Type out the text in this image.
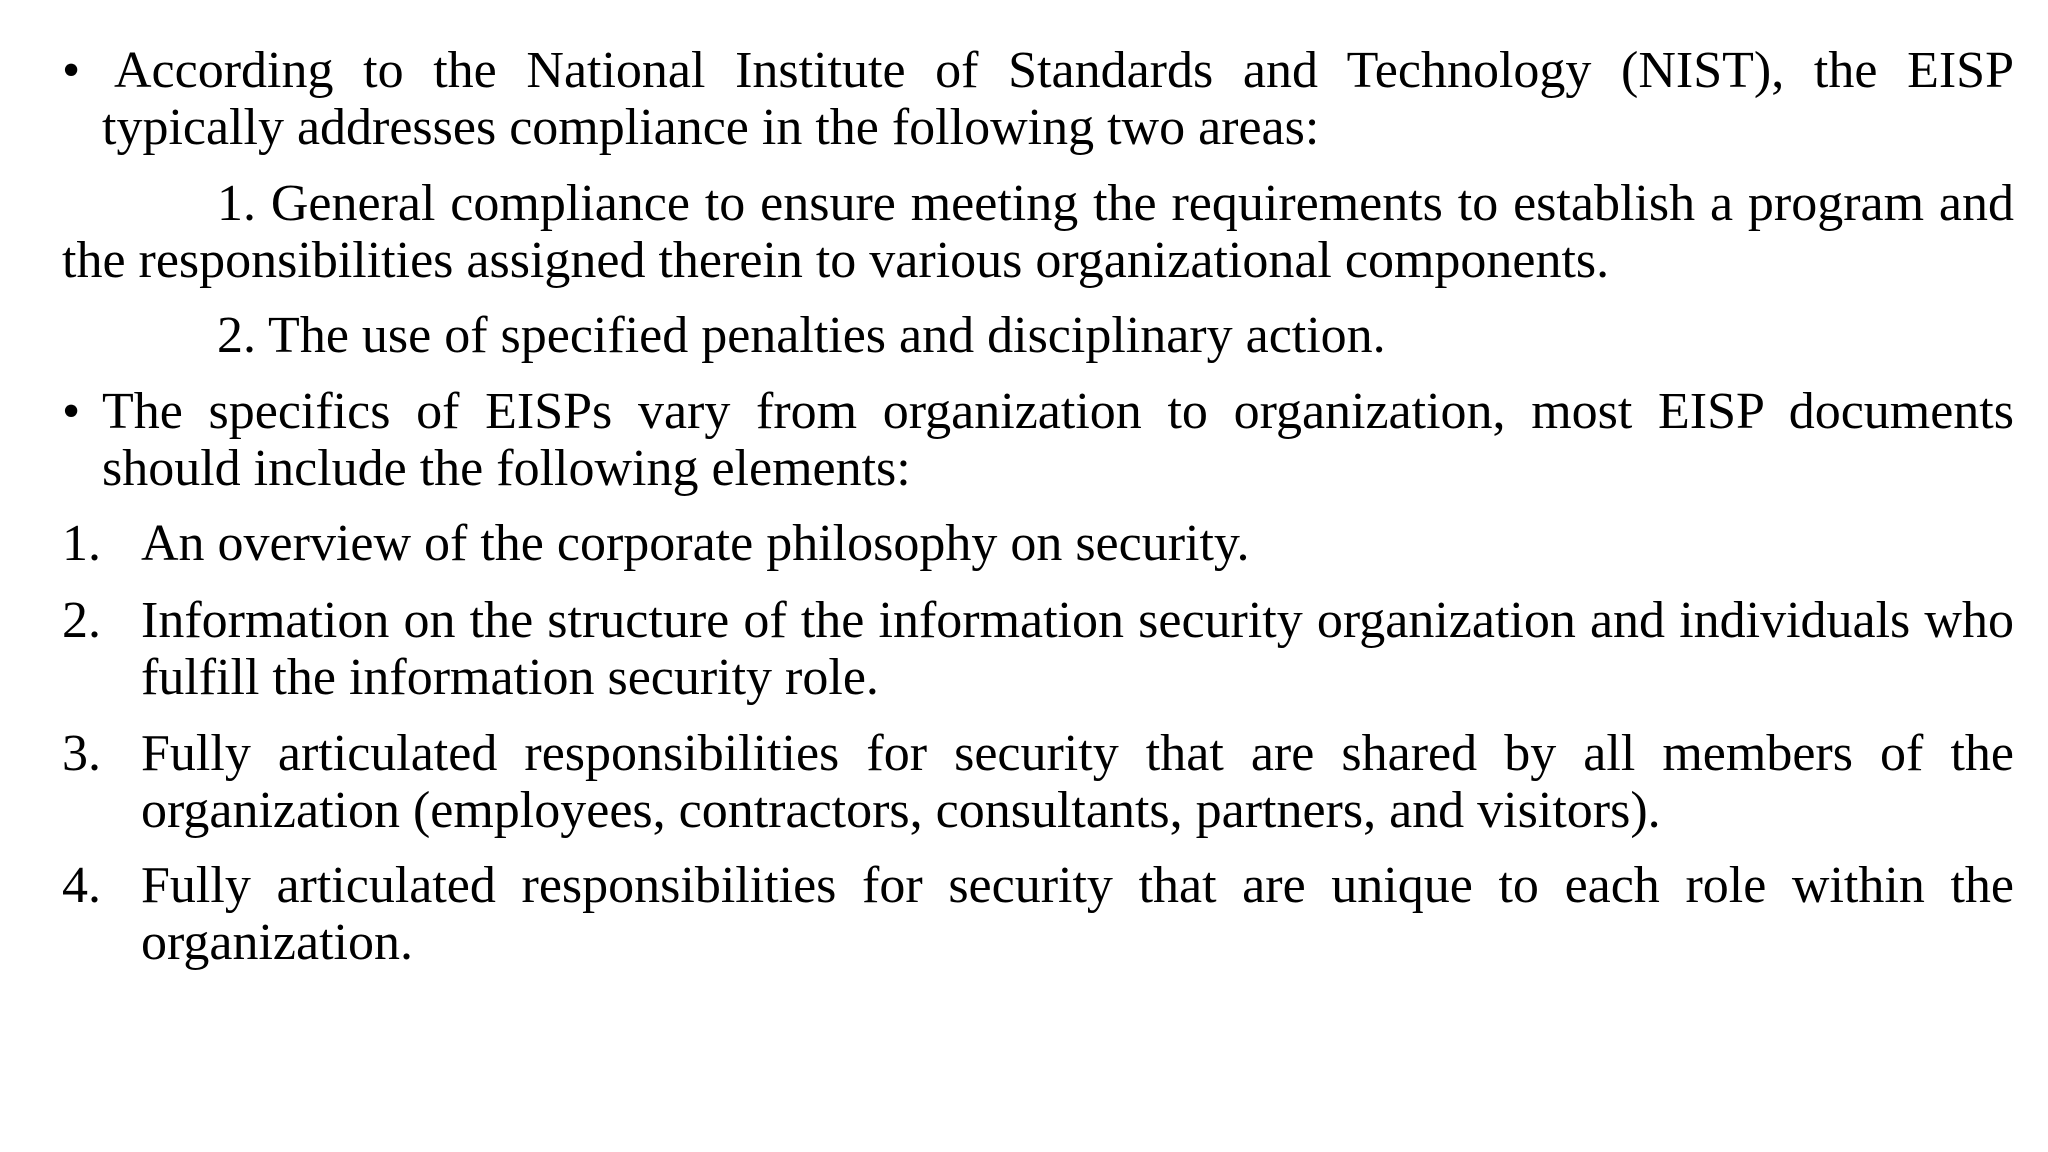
• According to the National Institute of Standards and Technology (NIST), the EISP typically addresses compliance in the following two areas:
1. General compliance to ensure meeting the requirements to establish a program and the responsibilities assigned therein to various organizational components.
2. The use of specified penalties and disciplinary action.
• The specifics of EISPs vary from organization to organization, most EISP documents should include the following elements:
1. An overview of the corporate philosophy on security.
2. Information on the structure of the information security organization and individuals who fulfill the information security role.
3. Fully articulated responsibilities for security that are shared by all members of the organization (employees, contractors, consultants, partners, and visitors).
4. Fully articulated responsibilities for security that are unique to each role within the organization.
